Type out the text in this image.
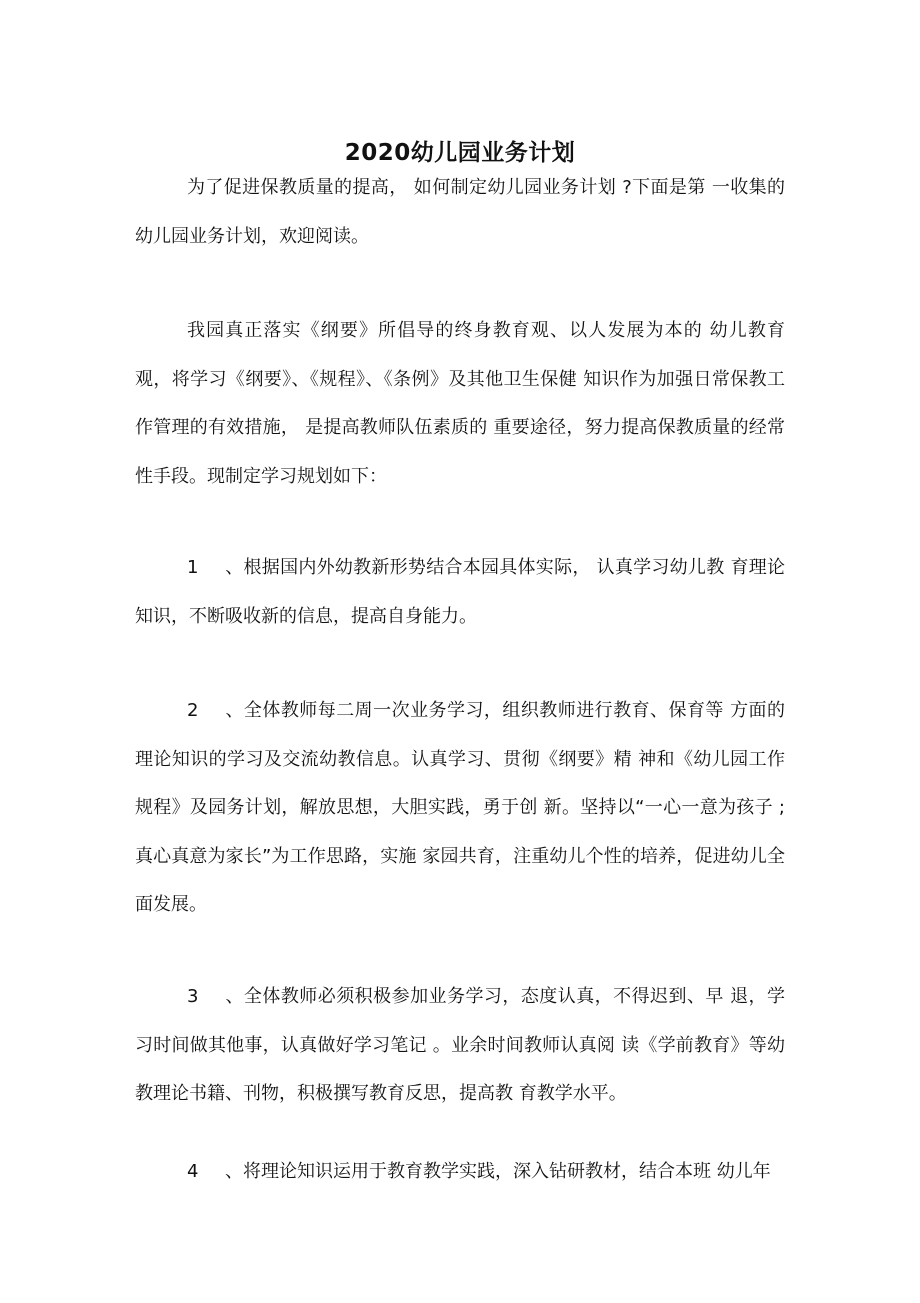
2020幼儿园业务计划

为了促进保教质量的提高， 如何制定幼儿园业务计划 ?下面是第 一收集的幼儿园业务计划，欢迎阅读。

我园真正落实《纲要》所倡导的终身教育观、以人发展为本的 幼儿教育观，将学习《纲要》、《规程》、《条例》及其他卫生保健 知识作为加强日常保教工作管理的有效措施， 是提高教师队伍素质的 重要途径，努力提高保教质量的经常性手段。现制定学习规划如下：

1 、根据国内外幼教新形势结合本园具体实际， 认真学习幼儿教 育理论知识，不断吸收新的信息，提高自身能力。

2 、全体教师每二周一次业务学习，组织教师进行教育、保育等 方面的理论知识的学习及交流幼教信息。认真学习、贯彻《纲要》精 神和《幼儿园工作规程》及园务计划，解放思想，大胆实践，勇于创 新。坚持以“一心一意为孩子 ;真心真意为家长”为工作思路，实施 家园共育，注重幼儿个性的培养，促进幼儿全面发展。

3 、全体教师必须积极参加业务学习，态度认真，不得迟到、早 退，学习时间做其他事，认真做好学习笔记 。业余时间教师认真阅 读《学前教育》等幼教理论书籍、刊物，积极撰写教育反思，提高教 育教学水平。

4 、将理论知识运用于教育教学实践，深入钻研教材，结合本班 幼儿年
